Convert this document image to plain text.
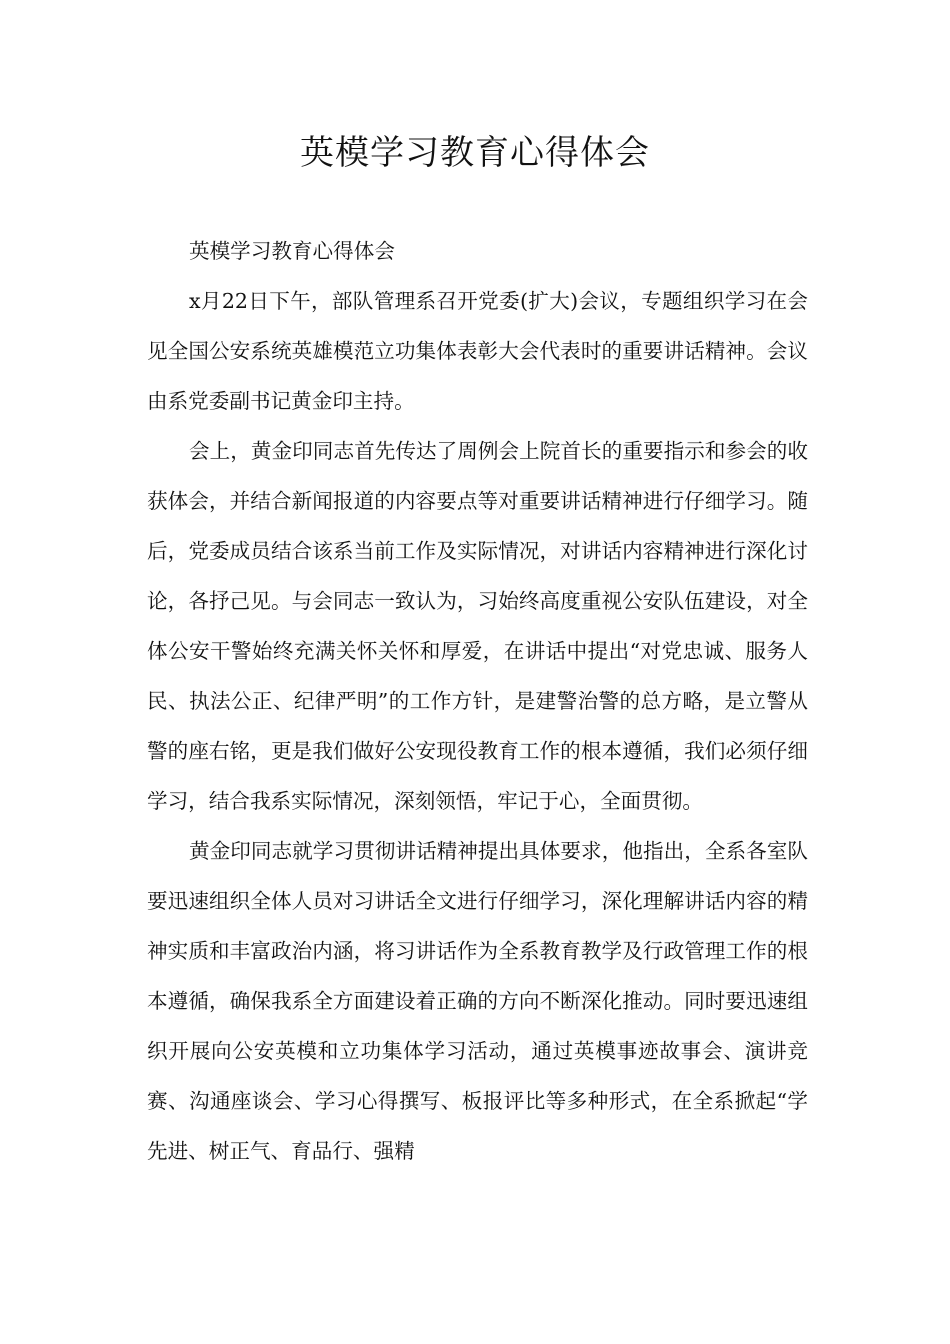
英模学习教育心得体会

英模学习教育心得体会

x月22日下午，部队管理系召开党委(扩大)会议，专题组织学习在会见全国公安系统英雄模范立功集体表彰大会代表时的重要讲话精神。会议由系党委副书记黄金印主持。

会上，黄金印同志首先传达了周例会上院首长的重要指示和参会的收获体会，并结合新闻报道的内容要点等对重要讲话精神进行仔细学习。随后，党委成员结合该系当前工作及实际情况，对讲话内容精神进行深化讨论，各抒己见。与会同志一致认为，习始终高度重视公安队伍建设，对全体公安干警始终充满关怀关怀和厚爱，在讲话中提出“对党忠诚、服务人民、执法公正、纪律严明”的工作方针，是建警治警的总方略，是立警从警的座右铭，更是我们做好公安现役教育工作的根本遵循，我们必须仔细学习，结合我系实际情况，深刻领悟，牢记于心，全面贯彻。

黄金印同志就学习贯彻讲话精神提出具体要求，他指出，全系各室队要迅速组织全体人员对习讲话全文进行仔细学习，深化理解讲话内容的精神实质和丰富政治内涵，将习讲话作为全系教育教学及行政管理工作的根本遵循，确保我系全方面建设着正确的方向不断深化推动。同时要迅速组织开展向公安英模和立功集体学习活动，通过英模事迹故事会、演讲竞赛、沟通座谈会、学习心得撰写、板报评比等多种形式，在全系掀起“学先进、树正气、育品行、强精
